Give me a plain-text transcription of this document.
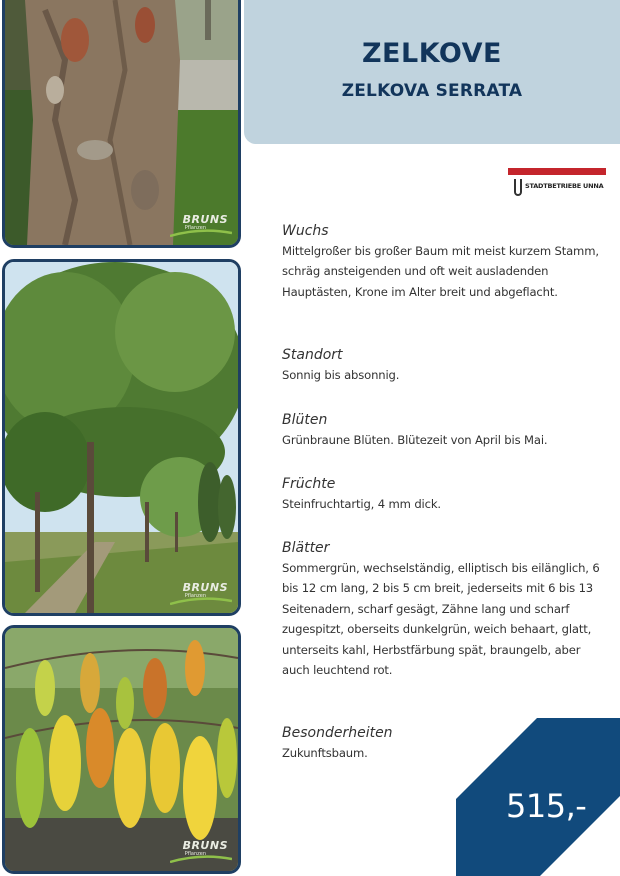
BRUNS
Pflanzen
BRUNS
Pflanzen
BRUNS
Pflanzen
ZELKOVE
ZELKOVA SERRATA
STADTBETRIEBE UNNA
Wuchs

Mittelgroßer bis großer Baum mit meist kurzem Stamm, schräg ansteigenden und oft weit ausladenden Hauptästen, Krone im Alter breit und abgeflacht.

Standort

Sonnig bis absonnig.

Blüten

Grünbraune Blüten. Blütezeit von April bis Mai.

Früchte

Steinfruchtartig, 4 mm dick.

Blätter

Sommergrün, wechselständig, elliptisch bis eilänglich, 6 bis 12 cm lang, 2 bis 5 cm breit, jederseits mit 6 bis 13 Seitenadern, scharf gesägt, Zähne lang und scharf zugespitzt, oberseits dunkelgrün, weich behaart, glatt, unterseits kahl, Herbstfärbung spät, braungelb, aber auch leuchtend rot.

Besonderheiten

Zukunftsbaum.

515,-
